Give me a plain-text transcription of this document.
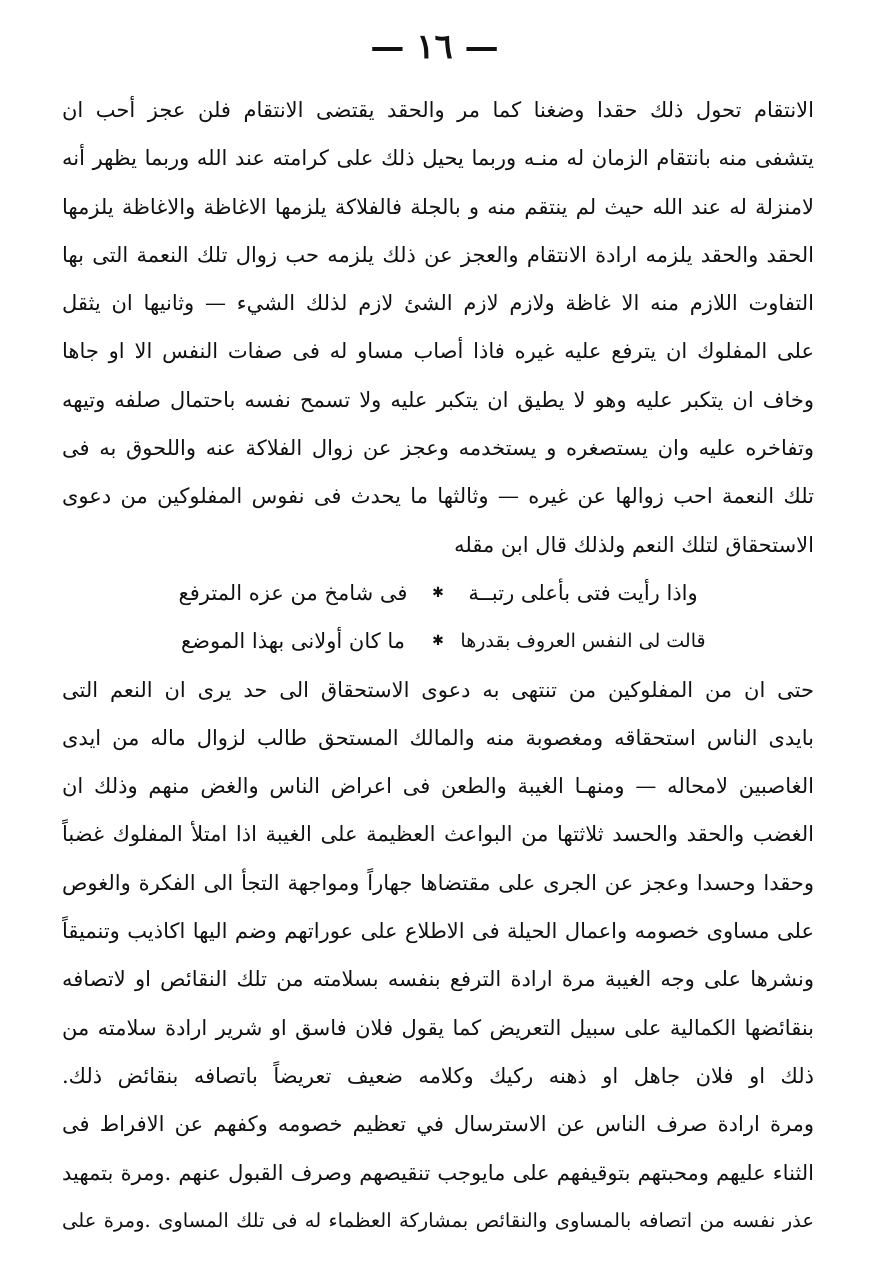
— ١٦ —
الانتقام تحول ذلك حقدا وضغنا كما مر والحقد يقتضى الانتقام فلن عجز أحب ان
يتشفى منه بانتقام الزمان له منـه وربما يحيل ذلك على كرامته عند الله وربما يظهر أنه
لامنزلة له عند الله حيث لم ينتقم منه و بالجلة فالفلاكة يلزمها الاغاظة والاغاظة يلزمها
الحقد والحقد يلزمه ارادة الانتقام والعجز عن ذلك يلزمه حب زوال تلك النعمة التى بها
التفاوت اللازم منه الا غاظة ولازم لازم الشئ لازم لذلك الشيء — وثانيها ان يثقل
على المفلوك ان يترفع عليه غيره فاذا أصاب مساو له فى صفات النفس الا او جاها
وخاف ان يتكبر عليه وهو لا يطيق ان يتكبر عليه ولا تسمح نفسه باحتمال صلفه وتيهه
وتفاخره عليه وان يستصغره و يستخدمه وعجز عن زوال الفلاكة عنه واللحوق به فى
تلك النعمة احب زوالها عن غيره — وثالثها ما يحدث فى نفوس المفلوكين من دعوى
الاستحقاق لتلك النعم ولذلك قال ابن مقله
واذا رأيت فتى بأعلى رتبــة
✱
فى شامخ من عزه المترفع
قالت لى النفس العروف بقدرها
✱
ما كان أولانى بهذا الموضع
حتى ان من المفلوكين من تنتهى به دعوى الاستحقاق الى حد يرى ان النعم التى
بايدى الناس استحقاقه ومغصوبة منه والمالك المستحق طالب لزوال ماله من ايدى
الغاصبين لامحاله — ومنهـا الغيبة والطعن فى اعراض الناس والغض منهم وذلك ان
الغضب والحقد والحسد ثلاثتها من البواعث العظيمة على الغيبة اذا امتلأ المفلوك غضباً
وحقدا وحسدا وعجز عن الجرى على مقتضاها جهاراً ومواجهة التجأ الى الفكرة والغوص
على مساوى خصومه واعمال الحيلة فى الاطلاع على عوراتهم وضم اليها اكاذيب وتنميقاً
ونشرها على وجه الغيبة مرة ارادة الترفع بنفسه بسلامته من تلك النقائص او لاتصافه
بنقائضها الكمالية على سبيل التعريض كما يقول فلان فاسق او شرير ارادة سلامته من
ذلك او فلان جاهل او ذهنه ركيك وكلامه ضعيف تعريضاً باتصافه بنقائض ذلك.
ومرة ارادة صرف الناس عن الاسترسال في تعظيم خصومه وكفهم عن الافراط فى
الثناء عليهم ومحبتهم بتوقيفهم على مايوجب تنقيصهم وصرف القبول عنهم .ومرة بتمهيد
عذر نفسه من اتصافه بالمساوى والنقائص بمشاركة العظماء له فى تلك المساوى .ومرة على
